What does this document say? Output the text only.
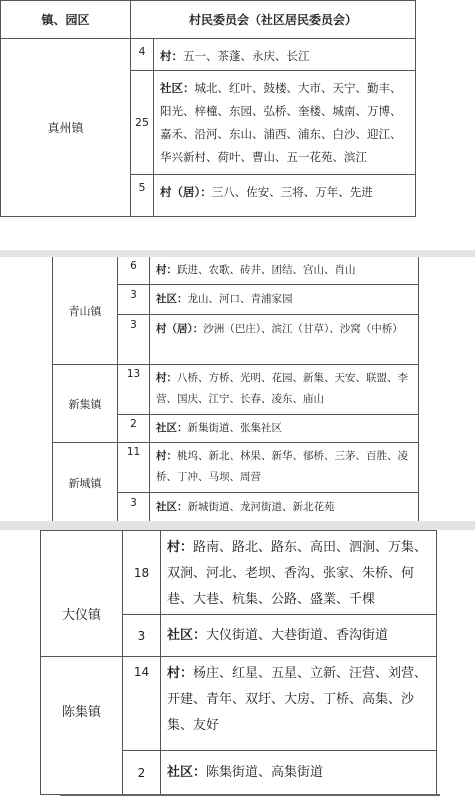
镇、园区	村民委员会（社区居民委员会）	
真州镇	4	村：五一、茶蓬、永庆、长江
	25	社区：城北、红叶、鼓楼、大市、天宁、勤丰、阳光、梓橦、东园、弘桥、奎楼、城南、万博、嘉禾、沿河、东山、浦西、浦东、白沙、迎江、华兴新村、荷叶、曹山、五一花苑、滨江
	5	村（居）：三八、佐安、三将、万年、先进
青山镇	6	村：跃进、农歌、砖井、团结、宫山、肖山
	3	社区：龙山、河口、青浦家园
	3	村（居）：沙洲（巴庄）、滨江（甘草）、沙窝（中桥）
新集镇	13	村：八桥、方桥、光明、花园、新集、天安、联盟、李营、国庆、江宁、长春、凌东、庙山
	2	社区：新集街道、张集社区
新城镇	11	村：桃坞、新北、林果、新华、郁桥、三茅、百胜、凌桥、丁冲、马坝、周营
	3	社区：新城街道、龙河街道、新北花苑
大仪镇	18	村：路南、路北、路东、高田、泗涧、万集、双涧、河北、老坝、香沟、张家、朱桥、何巷、大巷、杭集、公路、盛業、千棵
	3	社区：大仪街道、大巷街道、香沟街道
陈集镇	14	村：杨庄、红星、五星、立新、汪营、刘营、开建、青年、双圩、大房、丁桥、高集、沙集、友好
	2	社区：陈集街道、高集街道
